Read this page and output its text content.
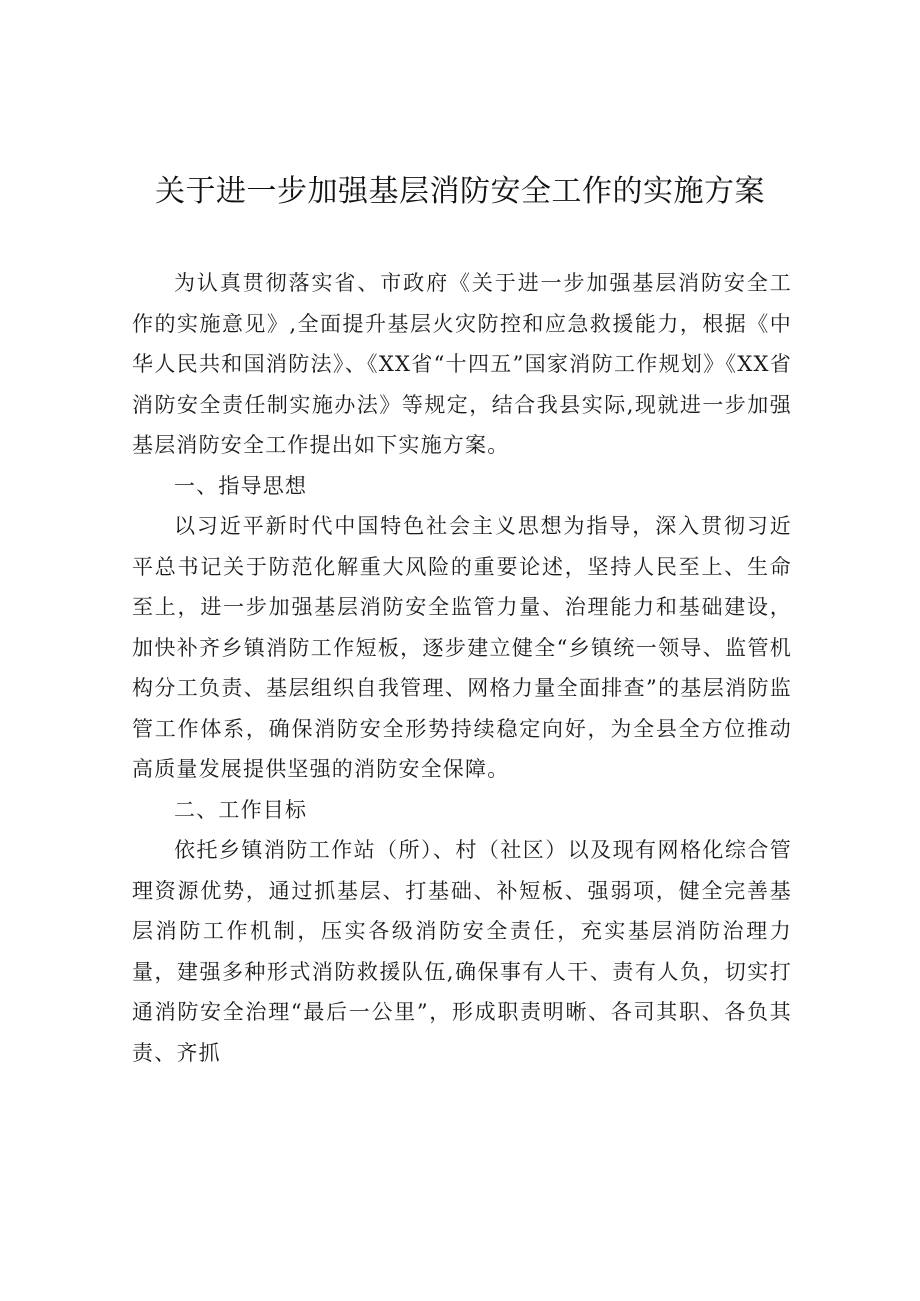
关于进一步加强基层消防安全工作的实施方案

为认真贯彻落实省、市政府《关于进一步加强基层消防安全工作的实施意见》,全面提升基层火灾防控和应急救援能力，根据《中华人民共和国消防法》、《XX省“十四五”国家消防工作规划》《XX省消防安全责任制实施办法》等规定，结合我县实际,现就进一步加强基层消防安全工作提出如下实施方案。

一、指导思想

以习近平新时代中国特色社会主义思想为指导，深入贯彻习近平总书记关于防范化解重大风险的重要论述，坚持人民至上、生命至上，进一步加强基层消防安全监管力量、治理能力和基础建设，加快补齐乡镇消防工作短板，逐步建立健全“乡镇统一领导、监管机构分工负责、基层组织自我管理、网格力量全面排查”的基层消防监管工作体系，确保消防安全形势持续稳定向好，为全县全方位推动高质量发展提供坚强的消防安全保障。

二、工作目标

依托乡镇消防工作站（所）、村（社区）以及现有网格化综合管理资源优势，通过抓基层、打基础、补短板、强弱项，健全完善基层消防工作机制，压实各级消防安全责任，充实基层消防治理力量，建强多种形式消防救援队伍,确保事有人干、责有人负，切实打通消防安全治理“最后一公里”，形成职责明晰、各司其职、各负其责、齐抓
